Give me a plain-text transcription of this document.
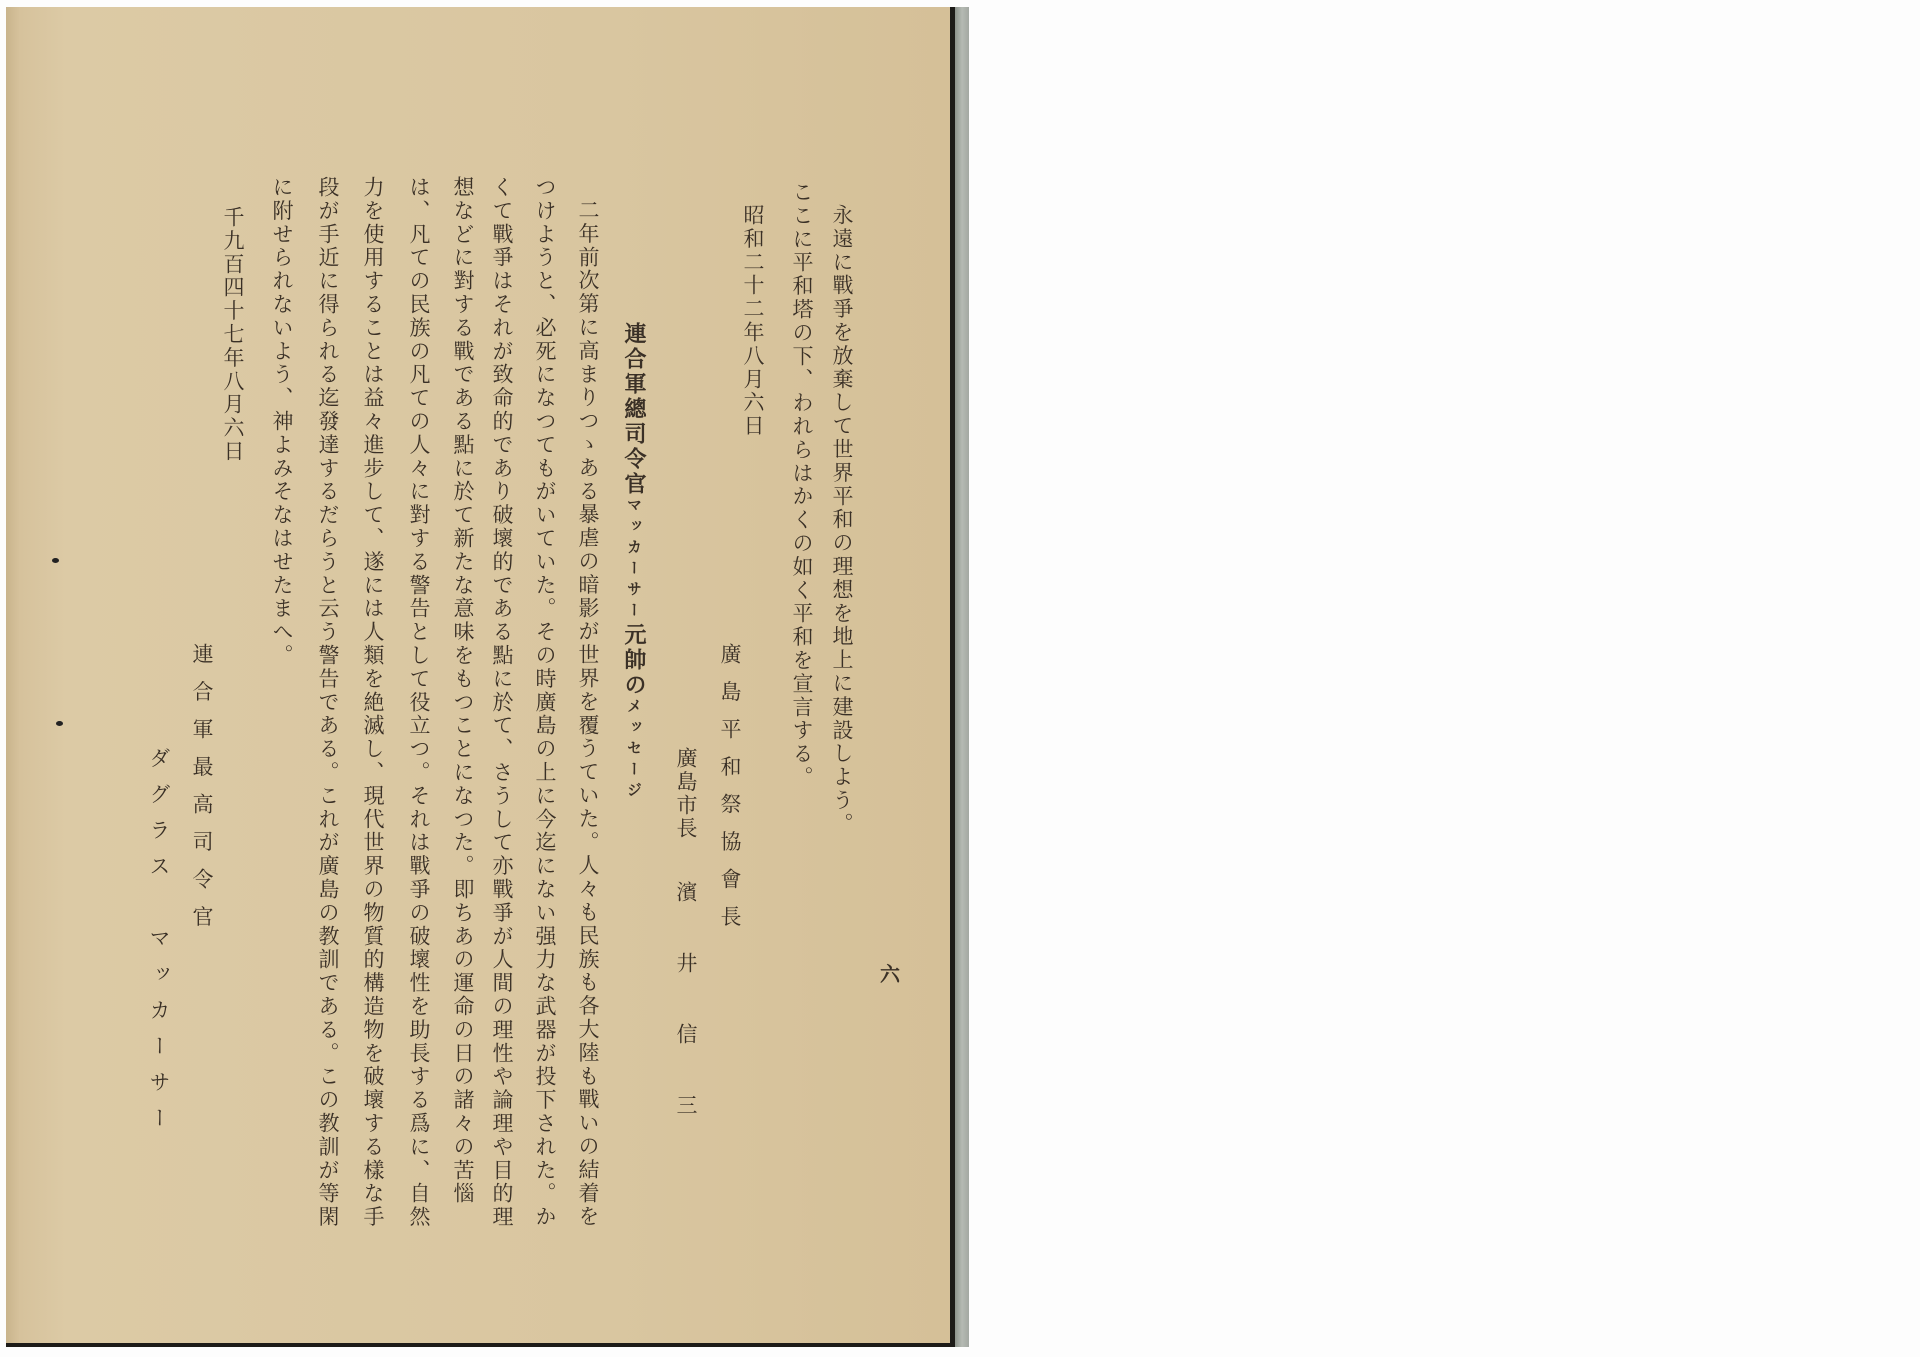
永遠に戰爭を放棄して世界平和の理想を地上に建設しよう。
ここに平和塔の下、われらはかくの如く平和を宣言する。
昭和二十二年八月六日
廣島平和祭協會長
廣島市長濱井信三
連合軍總司令官マッカーサー元帥のメッセージ
二年前次第に高まりつゝある暴虐の暗影が世界を覆うていた。人々も民族も各大陸も戰いの結着を
つけようと、必死になつてもがいていた。その時廣島の上に今迄にない强力な武器が投下された。か
くて戰爭はそれが致命的であり破壞的である點に於て、さうして亦戰爭が人間の理性や論理や目的理
想などに對する戰である點に於て新たな意味をもつことになつた。即ちあの運命の日の諸々の苦惱
は、凡ての民族の凡ての人々に對する警告として役立つ。それは戰爭の破壞性を助長する爲に、自然
力を使用することは益々進步して、遂には人類を絶滅し、現代世界の物質的構造物を破壞する樣な手
段が手近に得られる迄發達するだらうと云う警告である。これが廣島の教訓である。この教訓が等閑
に附せられないよう、神よみそなはせたまへ。
千九百四十七年八月六日
連合軍最高司令官
ダグラス　マッカーサー	六
